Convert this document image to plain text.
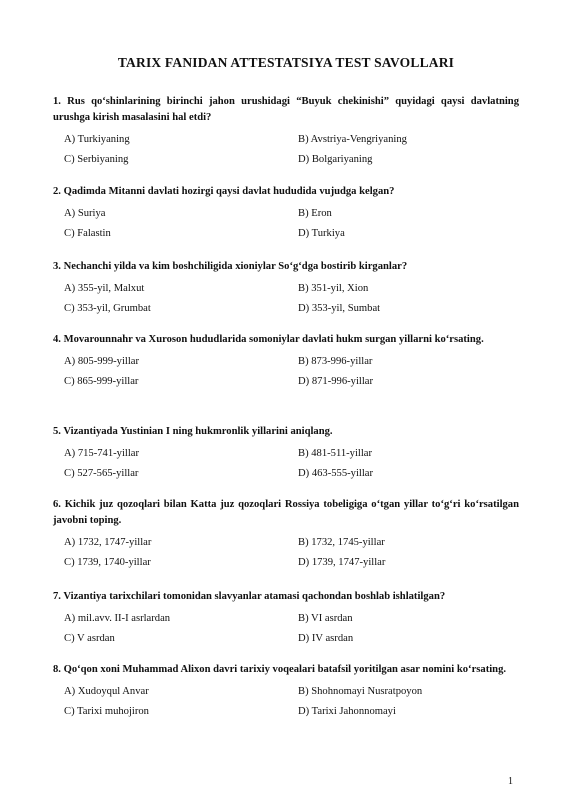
TARIX FANIDAN ATTESTATSIYA TEST SAVOLLARI
1. Rus qo‘shinlarining birinchi jahon urushidagi “Buyuk chekinishi” quyidagi qaysi davlatning urushga kirish masalasini hal etdi?
A) Turkiyaning	B) Avstriya-Vengriyaning
C) Serbiyaning	D) Bolgariyaning
2. Qadimda Mitanni davlati hozirgi qaysi davlat hududida vujudga kelgan?
A) Suriya	B) Eron
C) Falastin	D) Turkiya
3. Nechanchi yilda va kim boshchiligida xioniylar So‘g‘dga bostirib kirganlar?
A) 355-yil, Malxut	B) 351-yil, Xion
C) 353-yil, Grumbat	D) 353-yil, Sumbat
4. Movarounnahr va Xuroson hududlarida somoniylar davlati hukm surgan yillarni ko‘rsating.
A) 805-999-yillar	B) 873-996-yillar
C) 865-999-yillar	D) 871-996-yillar
5. Vizantiyada Yustinian I ning hukmronlik yillarini aniqlang.
A) 715-741-yillar	B) 481-511-yillar
C) 527-565-yillar	D) 463-555-yillar
6. Kichik juz qozoqlari bilan Katta juz qozoqlari Rossiya tobeligiga o‘tgan yillar to‘g‘ri ko‘rsatilgan javobni toping.
A) 1732, 1747-yillar	B) 1732, 1745-yillar
C) 1739, 1740-yillar	D) 1739, 1747-yillar
7. Vizantiya tarixchilari tomonidan slavyanlar atamasi qachondan boshlab ishlatilgan?
A) mil.avv. II-I asrlardan	B) VI asrdan
C) V asrdan	D) IV asrdan
8. Qo‘qon xoni Muhammad Alixon davri tarixiy voqealari batafsil yoritilgan asar nomini ko‘rsating.
A) Xudoyqul Anvar	B) Shohnomayi Nusratpoyon
C) Tarixi muhojiron	D) Tarixi Jahonnomayi
1
